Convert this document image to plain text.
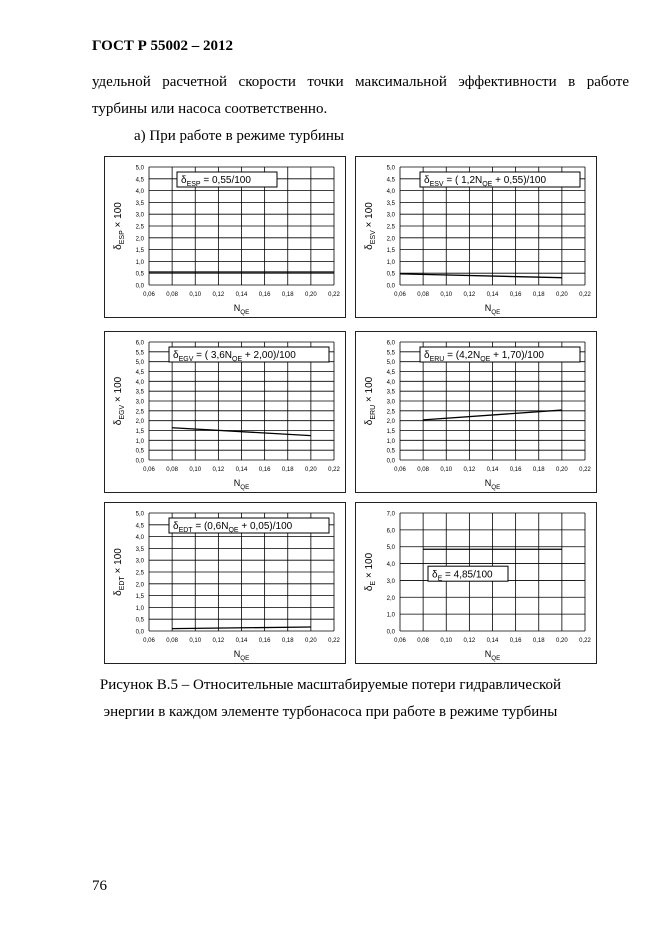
ГОСТ Р 55002 – 2012
удельной расчетной скорости точки максимальной эффективности в работе
турбины или насоса соответственно.
а) При работе в режиме турбины
0,0
0,5
1,0
1,5
2,0
2,5
3,0
3,5
4,0
4,5
5,0
0,06 0,08 0,10 0,12 0,14 0,16 0,18 0,20 0,22
$\delta_{ESP} = 0,55/100$
$N_{QE}$
$\delta_{ESP} \times 100$
0,0
0,5
1,0
1,5
2,0
2,5
3,0
3,5
4,0
4,5
5,0
0,06 0,08 0,10 0,12 0,14 0,16 0,18 0,20 0,22
$\delta_{ESV}$ = ( $1,2N_{QE} + 0,55)/100$
$N_{QE}$
$\delta_{ESV} \times 100$
0,0
0,5
1,0
1,5
2,0
2,5
3,0
3,5
4,0
4,5
5,0
5,5
6,0
0,06 0,08 0,10 0,12 0,14 0,16 0,18 0,20 0,22
$\delta_{EGV}$ = ( $3,6N_{QE} + 2,00)/100$
$N_{QE}$
$\delta_{EGV} \times 100$
0,0
0,5
1,0
1,5
2,0
2,5
3,0
3,5
4,0
4,5
5,0
5,5
6,0
0,06 0,08 0,10 0,12 0,14 0,16 0,18 0,20 0,22
$\delta_{ERU} = (4,2N_{QE} + 1,70)/100$
$N_{QE}$
$\delta_{ERU} \times 100$
0,0
0,5
1,0
1,5
2,0
2,5
3,0
3,5
4,0
4,5
5,0
0,06 0,08 0,10 0,12 0,14 0,16 0,18 0,20 0,22
$\delta_{EDT} = (0,6N_{QE} + 0,05)/100$
$N_{QE}$
$\delta_{EDT} \times 100$
0,0
1,0
2,0
3,0
4,0
5,0
6,0
7,0
0,06 0,08 0,10 0,12 0,14 0,16 0,18 0,20 0,22
$\delta_E = 4,85/100$
$N_{QE}$
$\delta_E \times 100$
Рисунок В.5 – Относительные масштабируемые потери гидравлической
энергии в каждом элементе турбонасоса при работе в режиме турбины
76
